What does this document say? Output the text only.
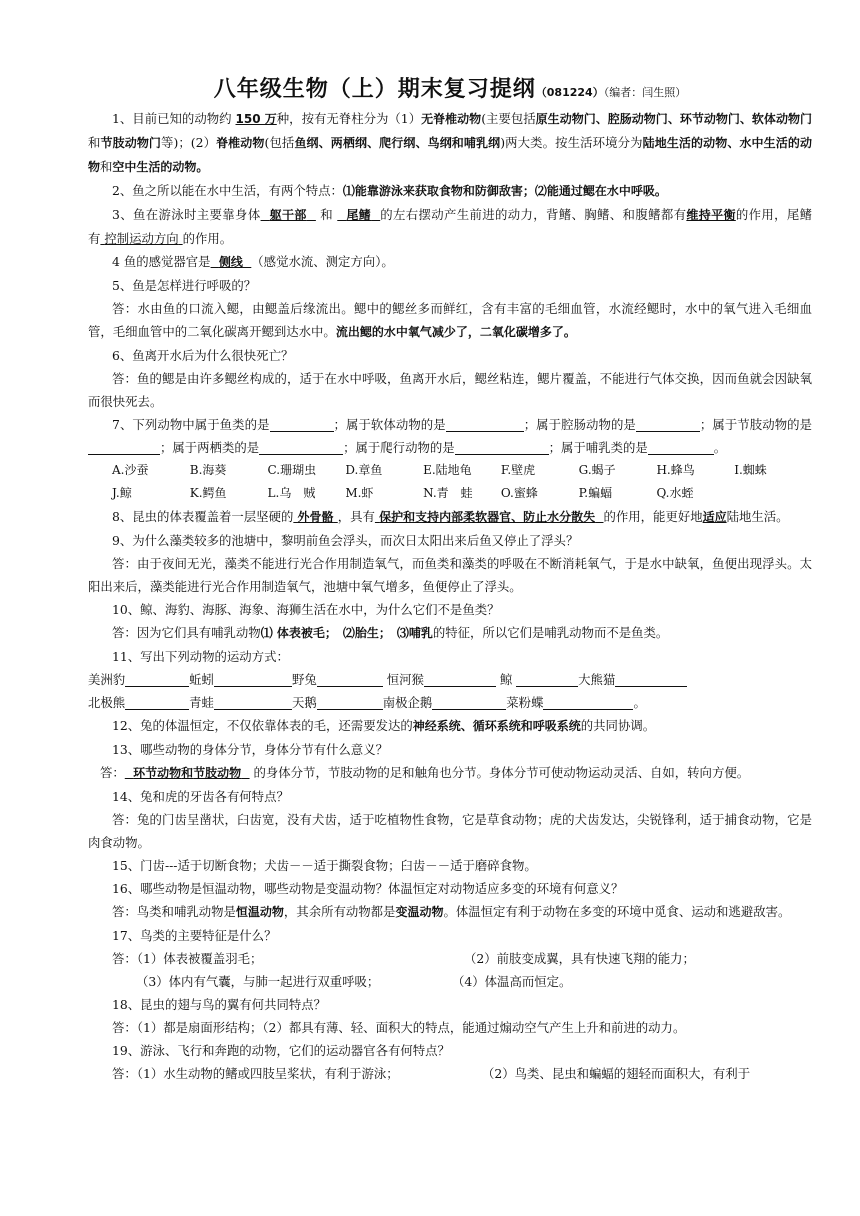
八年级生物（上）期末复习提纲（081224）（编者：闫生照）

1、目前已知的动物约 150 万种，按有无脊柱分为（1）无脊椎动物(主要包括原生动物门、腔肠动物门、环节动物门、软体动物门和节肢动物门等)；(2）脊椎动物(包括鱼纲、两栖纲、爬行纲、鸟纲和哺乳纲)两大类。按生活环境分为陆地生活的动物、水中生活的动物和空中生活的动物。

2、鱼之所以能在水中生活，有两个特点：⑴能靠游泳来获取食物和防御敌害；⑵能通过鳃在水中呼吸。

3、鱼在游泳时主要靠身体 躯干部 和 尾鳍 的左右摆动产生前进的动力，背鳍、胸鳍、和腹鳍都有维持平衡的作用，尾鳍有 控制运动方向 的作用。

4 鱼的感觉器官是 侧线 （感觉水流、测定方向）。

5、鱼是怎样进行呼吸的？

答：水由鱼的口流入鳃，由鳃盖后缘流出。鳃中的鳃丝多而鲜红，含有丰富的毛细血管，水流经鳃时，水中的氧气进入毛细血管，毛细血管中的二氧化碳离开鳃到达水中。流出鳃的水中氧气减少了，二氧化碳增多了。

6、鱼离开水后为什么很快死亡？

答：鱼的鳃是由许多鳃丝构成的，适于在水中呼吸，鱼离开水后，鳃丝粘连，鳃片覆盖，不能进行气体交换，因而鱼就会因缺氧而很快死去。

7、下列动物中属于鱼类的是	；属于软体动物的是	；属于腔肠动物的是	；属于节肢动物的是；属于两栖类的是	；属于爬行动物的是	；属于哺乳类的是	。

A.沙蚕	B.海葵	C.珊瑚虫	D.章鱼	E.陆地龟	F.壁虎	G.蝎子	H.蜂鸟	I.蜘蛛
J.鲸	K.鳄鱼	L.乌　贼	M.虾	N.青　蛙	O.蜜蜂	P.蝙蝠	Q.水蛭

8、昆虫的体表覆盖着一层坚硬的 外骨骼 ，具有 保护和支持内部柔软器官、防止水分散失 的作用，能更好地适应陆地生活。

9、为什么藻类较多的池塘中，黎明前鱼会浮头，而次日太阳出来后鱼又停止了浮头？

答：由于夜间无光，藻类不能进行光合作用制造氧气，而鱼类和藻类的呼吸在不断消耗氧气，于是水中缺氧，鱼便出现浮头。太阳出来后，藻类能进行光合作用制造氧气，池塘中氧气增多，鱼便停止了浮头。

10、鲸、海豹、海豚、海象、海狮生活在水中，为什么它们不是鱼类？

答：因为它们具有哺乳动物⑴ 体表被毛；　⑵胎生；　⑶哺乳的特征，所以它们是哺乳动物而不是鱼类。

11、写出下列动物的运动方式：

美洲豹	蚯蚓	野兔	恒河猴	鲸	大熊猫
北极熊	青蛙	天鹅	南极企鹅	菜粉蝶	。

12、兔的体温恒定，不仅依靠体表的毛，还需要发达的神经系统、循环系统和呼吸系统的共同协调。

13、哪些动物的身体分节，身体分节有什么意义？

答： 环节动物和节肢动物 的身体分节，节肢动物的足和触角也分节。身体分节可使动物运动灵活、自如，转向方便。

14、兔和虎的牙齿各有何特点？

答：兔的门齿呈凿状，臼齿宽，没有犬齿，适于吃植物性食物，它是草食动物；虎的犬齿发达，尖锐锋利，适于捕食动物，它是肉食动物。

15、门齿---适于切断食物；犬齿－－适于撕裂食物；臼齿－－适于磨碎食物。

16、哪些动物是恒温动物，哪些动物是变温动物？体温恒定对动物适应多变的环境有何意义？

答：鸟类和哺乳动物是恒温动物，其余所有动物都是变温动物。体温恒定有利于动物在多变的环境中觅食、运动和逃避敌害。

17、鸟类的主要特征是什么？

答：（1）体表被覆盖羽毛；	（2）前肢变成翼，具有快速飞翔的能力；
（3）体内有气囊，与肺一起进行双重呼吸；	（4）体温高而恒定。

18、昆虫的翅与鸟的翼有何共同特点？

答：（1）都是扇面形结构；（2）都具有薄、轻、面积大的特点，能通过煽动空气产生上升和前进的动力。

19、游泳、飞行和奔跑的动物，它们的运动器官各有何特点？

答：（1）水生动物的鳍或四肢呈桨状，有利于游泳；	（2）鸟类、昆虫和蝙蝠的翅轻而面积大，有利于
